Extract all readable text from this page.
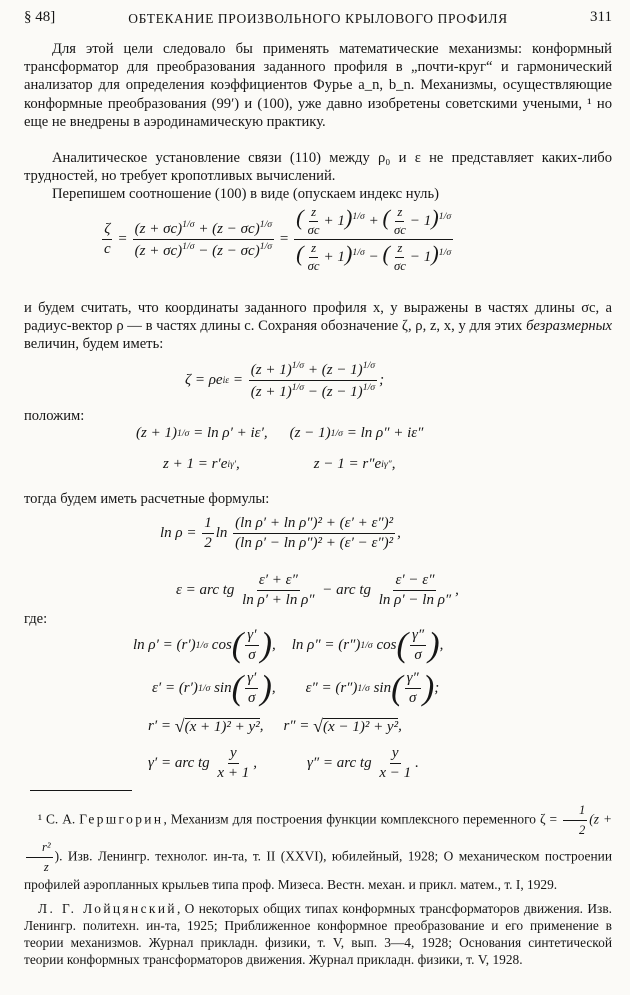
§ 48]	ОБТЕКАНИЕ ПРОИЗВОЛЬНОГО КРЫЛОВОГО ПРОФИЛЯ	311

Для этой цели следовало бы применять математические механизмы: конформный трансформатор для преобразования заданного профиля в „почти-круг“ и гармонический анализатор для определения коэффициентов Фурье a_n, b_n. Механизмы, осуществляющие конформные преобразования (99′) и (100), уже давно изобретены советскими учеными, ¹ но еще не внедрены в аэродинамическую практику.

Аналитическое установление связи (110) между ρ₀ и ε не представляет каких-либо трудностей, но требует кропотливых вычислений.

Перепишем соотношение (100) в виде (опускаем индекс нуль)

$\frac{\zeta}{c} = \frac{(z + \sigma c)^{1/\sigma} + (z - \sigma c)^{1/\sigma}}{(z + \sigma c)^{1/\sigma} - (z - \sigma c)^{1/\sigma}} = \frac{( \frac{z}{\sigma c} + 1)^{1/\sigma} + ( \frac{z}{\sigma c} - 1)^{1/\sigma}}{( \frac{z}{\sigma c} + 1)^{1/\sigma} - ( \frac{z}{\sigma c} - 1)^{1/\sigma}}$

и будем считать, что координаты заданного профиля x, y выражены в частях длины σc, а радиус-вектор ρ — в частях длины c. Сохраняя обозначение ζ, ρ, z, x, y для этих безразмерных величин, будем иметь:

ζ = ρe $i\varepsilon = \frac{(z + 1)^{1/\sigma} + (z - 1)^{1/\sigma}}{(z + 1)^{1/\sigma} - (z - 1)^{1/\sigma}}$ ;

положим:

(z + 1) 1/σ
= ln ρ′ + iε′, (z − 1) 1/σ
= ln ρ″ + iε″
z + 1 = r′e iγ′ ,	z − 1 = r″e iγ″ ,

тогда будем иметь расчетные формулы:

ln ρ =
$\frac{1}{2}$ ln
$\frac{\text{(ln ρ′ + ln ρ″)² + (ε′ + ε″)²}}{\text{(ln ρ′ − ln ρ″)² + (ε′ − ε″)²}}$ ,
ε = arc tg
$\frac{\varepsilon' + \varepsilon''}{\text{ln ρ′ + ln ρ″}}$
− arc tg
$\frac{\varepsilon' - \varepsilon''}{\text{ln ρ′ − ln ρ″}}$ ,

где:

ln ρ′ = (r′) 1/σ
cos ( $\frac{\gamma'}{\sigma}$ ) , ln ρ″ = (r″) 1/σ
cos ( $\frac{\gamma''}{\sigma}$ ) ,
ε′ = (r′) 1/σ
sin ( $\frac{\gamma'}{\sigma}$ ) , ε″ = (r″) 1/σ
sin ( $\frac{\gamma''}{\sigma}$ ) ;
r′ =
√ (x + 1)² + y² , r″ =
√ (x − 1)² + y² ,
γ′ = arc tg
$\frac{y}{x + 1}$ ,	γ″ = arc tg
$\frac{y}{x - 1}$ .

¹ С. А. Гершгорин, Механизм для построения функции комплексного переменного $\zeta = \frac{1}{2} (z$ +
$\frac{\text{r²}}{z}$ ). Изв. Ленингр. технолог. ин-та, т. II (XXVI), юбилейный, 1928; О механическом построении профилей аэропланных крыльев типа проф. Мизеса. Вестн. механ. и прикл. матем., т. I, 1929.

Л. Г. Лойцянский, О некоторых общих типах конформных трансформаторов движения. Изв. Ленингр. политехн. ин-та, 1925; Приближенное конформное преобразование и его применение в теории механизмов. Журнал прикладн. физики, т. V, вып. 3—4, 1928; Основания синтетической теории конформных трансформаторов движения. Журнал прикладн. физики, т. V, 1928.
